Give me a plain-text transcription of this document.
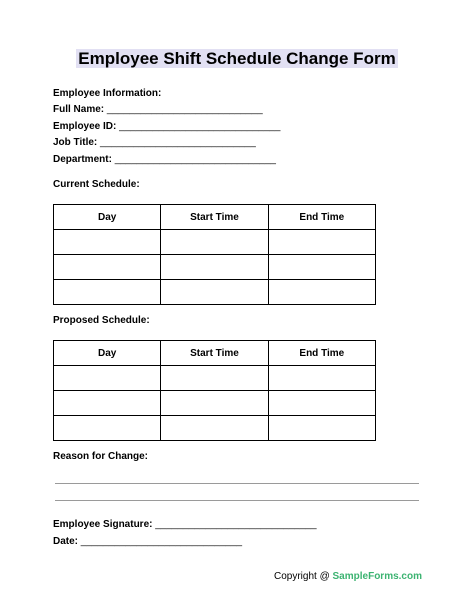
Employee Shift Schedule Change Form
Employee Information:
Full Name: ____________________________
Employee ID: _____________________________
Job Title: ____________________________
Department: _____________________________
Current Schedule:
Day	Start Time	End Time

Proposed Schedule:
Day	Start Time	End Time

Reason for Change:
Employee Signature: _____________________________
Date: _____________________________
Copyright @ SampleForms.com
